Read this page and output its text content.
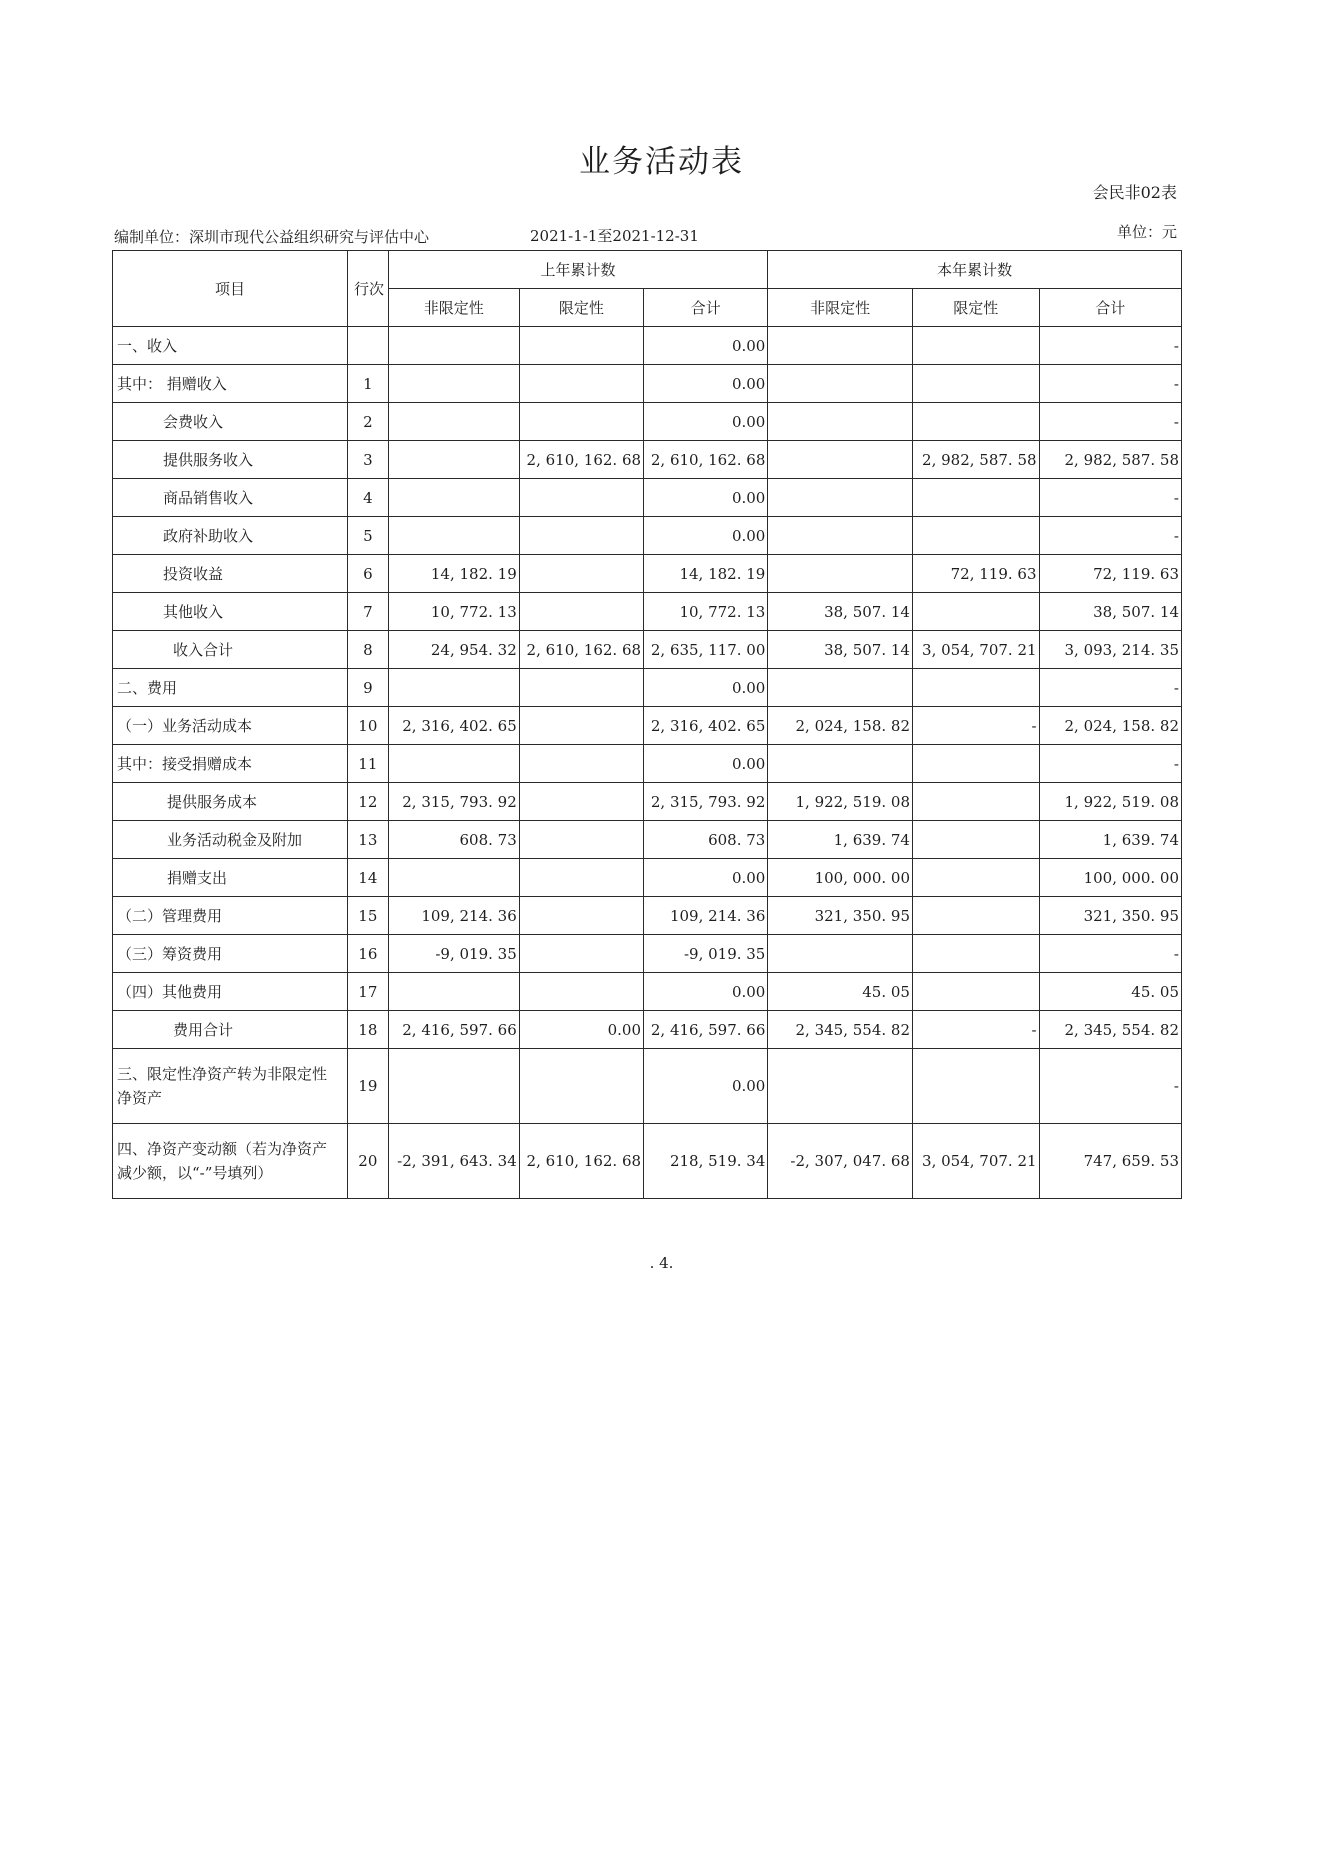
业务活动表
会民非02表
编制单位：深圳市现代公益组织研究与评估中心	2021-1-1至2021-12-31	单位：元
项目	行次	上年累计数			本年累计数		
		非限定性	限定性	合计	非限定性	限定性	合计
一、收入				0.00			-
其中： 捐赠收入	1			0.00			-
会费收入	2			0.00			-
提供服务收入	3		2, 610, 162. 68	2, 610, 162. 68		2, 982, 587. 58	2, 982, 587. 58
商品销售收入	4			0.00			-
政府补助收入	5			0.00			-
投资收益	6	14, 182. 19		14, 182. 19		72, 119. 63	72, 119. 63
其他收入	7	10, 772. 13		10, 772. 13	38, 507. 14		38, 507. 14
收入合计	8	24, 954. 32	2, 610, 162. 68	2, 635, 117. 00	38, 507. 14	3, 054, 707. 21	3, 093, 214. 35
二、费用	9			0.00			-
（一）业务活动成本	10	2, 316, 402. 65		2, 316, 402. 65	2, 024, 158. 82	-	2, 024, 158. 82
其中：接受捐赠成本	11			0.00			-
提供服务成本	12	2, 315, 793. 92		2, 315, 793. 92	1, 922, 519. 08		1, 922, 519. 08
业务活动税金及附加	13	608. 73		608. 73	1, 639. 74		1, 639. 74
捐赠支出	14			0.00	100, 000. 00		100, 000. 00
（二）管理费用	15	109, 214. 36		109, 214. 36	321, 350. 95		321, 350. 95
（三）筹资费用	16	-9, 019. 35		-9, 019. 35			-
（四）其他费用	17			0.00	45. 05		45. 05
费用合计	18	2, 416, 597. 66	0.00	2, 416, 597. 66	2, 345, 554. 82	-	2, 345, 554. 82
三、限定性净资产转为非限定性净资产	19			0.00			-
四、净资产变动额（若为净资产减少额，以“-”号填列）	20	-2, 391, 643. 34	2, 610, 162. 68	218, 519. 34	-2, 307, 047. 68	3, 054, 707. 21	747, 659. 53
. 4.
